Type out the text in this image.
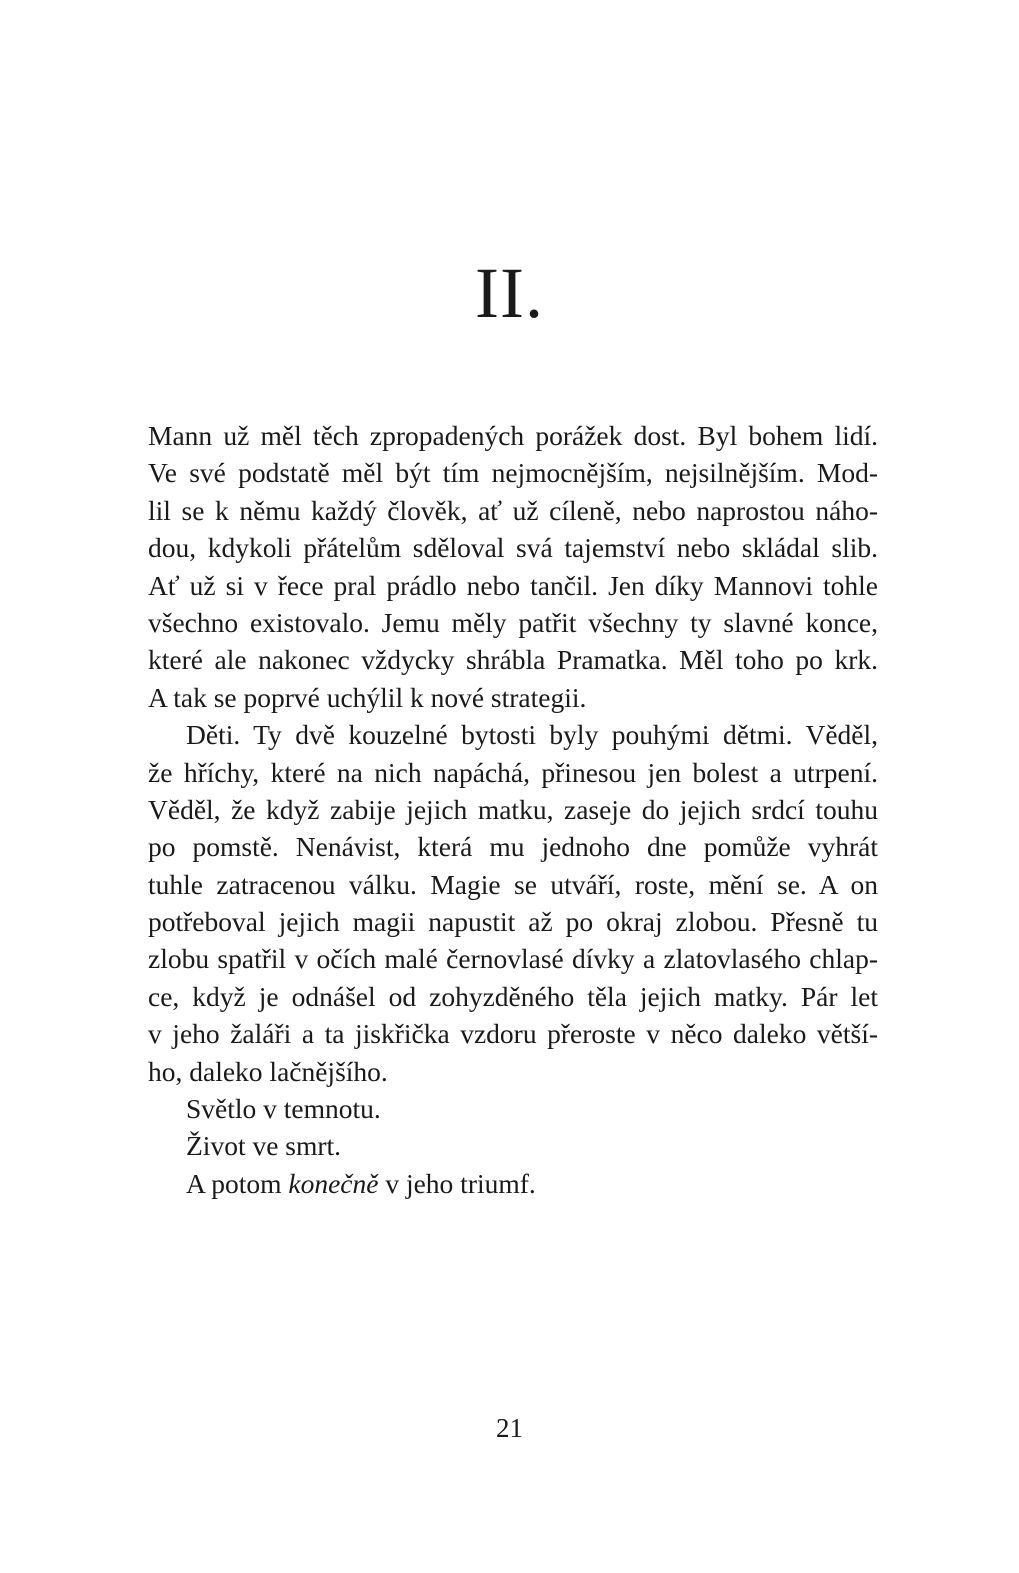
II.
Mann už měl těch zpropadených porážek dost. Byl bohem lidí.
Ve své podstatě měl být tím nejmocnějším, nejsilnějším. Mod-
lil se k němu každý člověk, ať už cíleně, nebo naprostou náho-
dou, kdykoli přátelům sděloval svá tajemství nebo skládal slib.
Ať už si v řece pral prádlo nebo tančil. Jen díky Mannovi tohle
všechno existovalo. Jemu měly patřit všechny ty slavné konce,
které ale nakonec vždycky shrábla Pramatka. Měl toho po krk.
A tak se poprvé uchýlil k nové strategii.
Děti. Ty dvě kouzelné bytosti byly pouhými dětmi. Věděl,
že hříchy, které na nich napáchá, přinesou jen bolest a utrpení.
Věděl, že když zabije jejich matku, zaseje do jejich srdcí touhu
po pomstě. Nenávist, která mu jednoho dne pomůže vyhrát
tuhle zatracenou válku. Magie se utváří, roste, mění se. A on
potřeboval jejich magii napustit až po okraj zlobou. Přesně tu
zlobu spatřil v očích malé černovlasé dívky a zlatovlasého chlap-
ce, když je odnášel od zohyzděného těla jejich matky. Pár let
v jeho žaláři a ta jiskřička vzdoru přeroste v něco daleko větší-
ho, daleko lačnějšího.
Světlo v temnotu.
Život ve smrt.
A potom konečně v jeho triumf.
21
